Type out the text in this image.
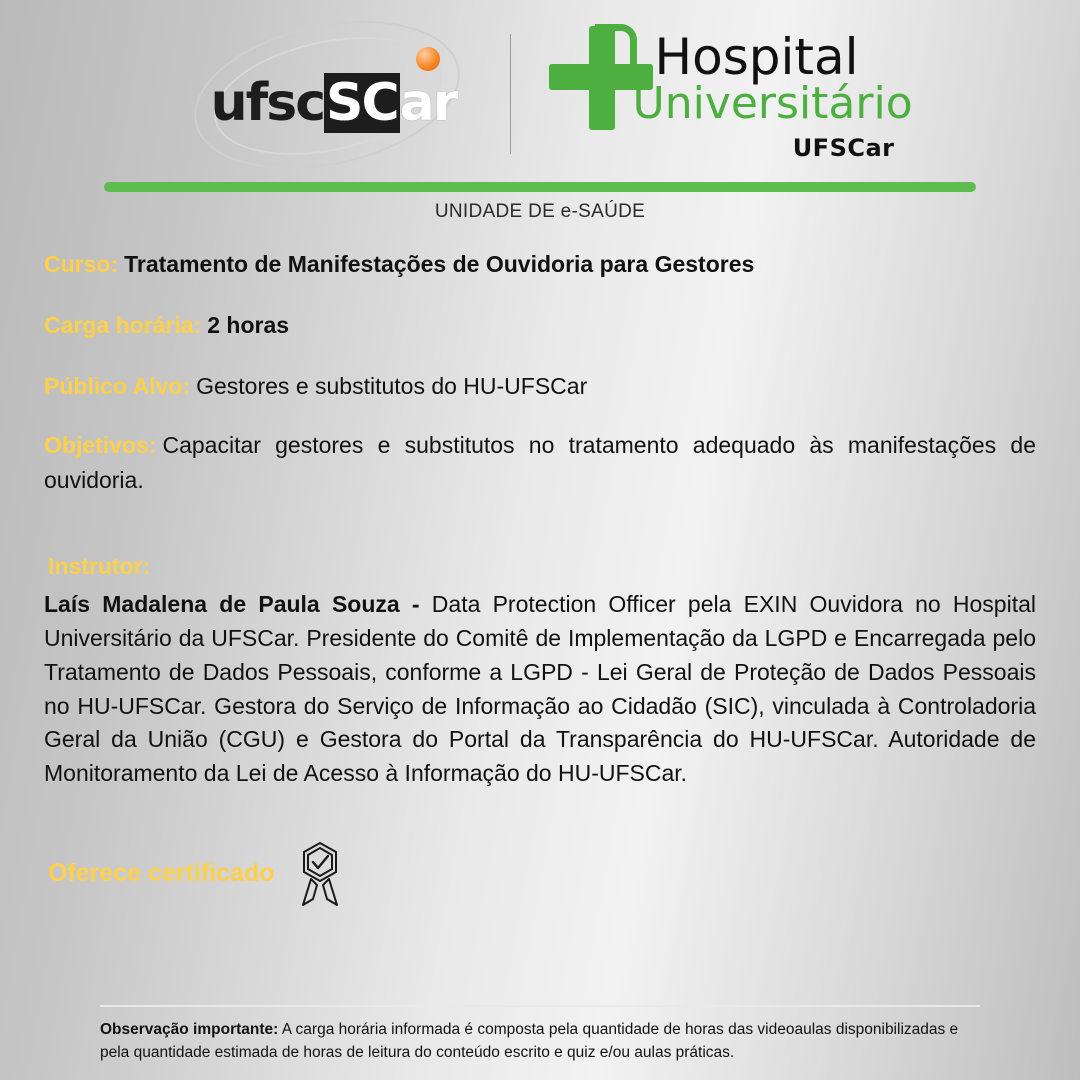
ufscSCar
Hospital
Universitário
UFSCar
UNIDADE DE e-SAÚDE
Curso: Tratamento de Manifestações de Ouvidoria para Gestores
Carga horária: 2 horas
Público Alvo: Gestores e substitutos do HU-UFSCar
Objetivos: Capacitar gestores e substitutos no tratamento adequado às manifestações de ouvidoria.
Instrutor:
Laís Madalena de Paula Souza - Data Protection Officer pela EXIN Ouvidora no Hospital Universitário da UFSCar. Presidente do Comitê de Implementação da LGPD e Encarregada pelo Tratamento de Dados Pessoais, conforme a LGPD - Lei Geral de Proteção de Dados Pessoais no HU-UFSCar. Gestora do Serviço de Informação ao Cidadão (SIC), vinculada à Controladoria Geral da União (CGU) e Gestora do Portal da Transparência do HU-UFSCar. Autoridade de Monitoramento da Lei de Acesso à Informação do HU-UFSCar.
Oferece certificado
Observação importante: A carga horária informada é composta pela quantidade de horas das videoaulas disponibilizadas e pela quantidade estimada de horas de leitura do conteúdo escrito e quiz e/ou aulas práticas.
